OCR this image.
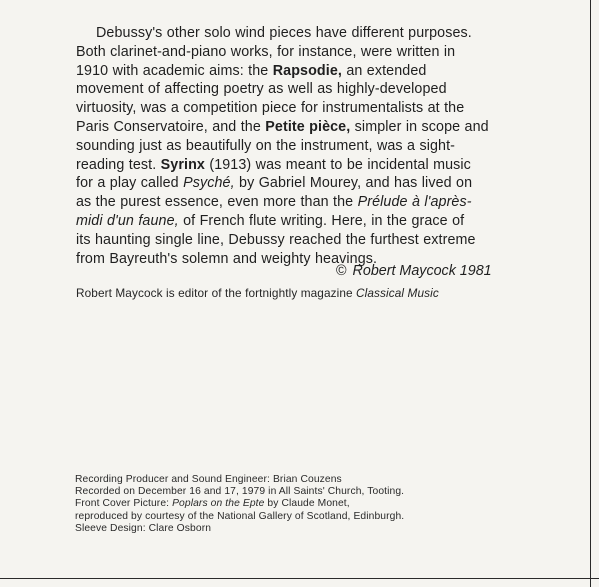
Debussy's other solo wind pieces have different purposes.
Both clarinet-and-piano works, for instance, were written in
1910 with academic aims: the Rapsodie, an extended
movement of affecting poetry as well as highly-developed
virtuosity, was a competition piece for instrumentalists at the
Paris Conservatoire, and the Petite pièce, simpler in scope and
sounding just as beautifully on the instrument, was a sight-
reading test. Syrinx (1913) was meant to be incidental music
for a play called Psyché, by Gabriel Mourey, and has lived on
as the purest essence, even more than the Prélude à l'après-
midi d'un faune, of French flute writing. Here, in the grace of
its haunting single line, Debussy reached the furthest extreme
from Bayreuth's solemn and weighty heavings.

© Robert Maycock 1981
Robert Maycock is editor of the fortnightly magazine Classical Music
Recording Producer and Sound Engineer: Brian Couzens
Recorded on December 16 and 17, 1979 in All Saints' Church, Tooting.
Front Cover Picture: Poplars on the Epte by Claude Monet,
reproduced by courtesy of the National Gallery of Scotland, Edinburgh.
Sleeve Design: Clare Osborn
